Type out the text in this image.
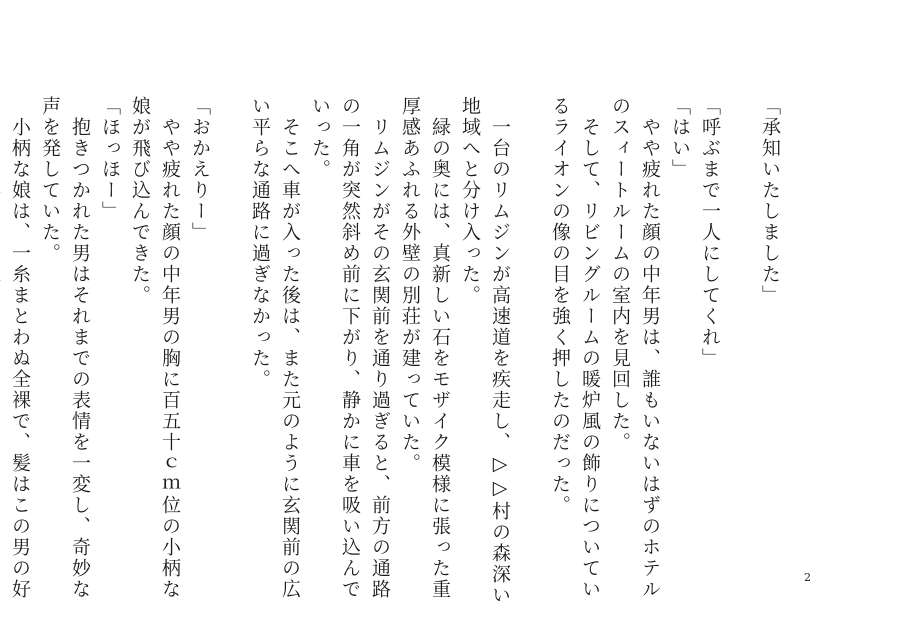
「承知いたしました」
「呼ぶまで一人にしてくれ」
「はい」
　やや疲れた顔の中年男は、誰もいないはずのホテル
のスィートルームの室内を見回した。
　そして、リビングルームの暖炉風の飾りについてい
るライオンの像の目を強く押したのだった。
　一台のリムジンが高速道を疾走し、▷▷村の森深い
地域へと分け入った。
　緑の奥には、真新しい石をモザイク模様に張った重
厚感あふれる外壁の別荘が建っていた。
　リムジンがその玄関前を通り過ぎると、前方の通路
の一角が突然斜め前に下がり、静かに車を吸い込んで
いった。
　そこへ車が入った後は、また元のように玄関前の広
い平らな通路に過ぎなかった。
「おかえりー」
　やや疲れた顔の中年男の胸に百五十ｃｍ位の小柄な
娘が飛び込んできた。
「ほっほー」
　抱きつかれた男はそれまでの表情を一変し、奇妙な
声を発していた。
　小柄な娘は、一糸まとわぬ全裸で、髪はこの男の好	2
